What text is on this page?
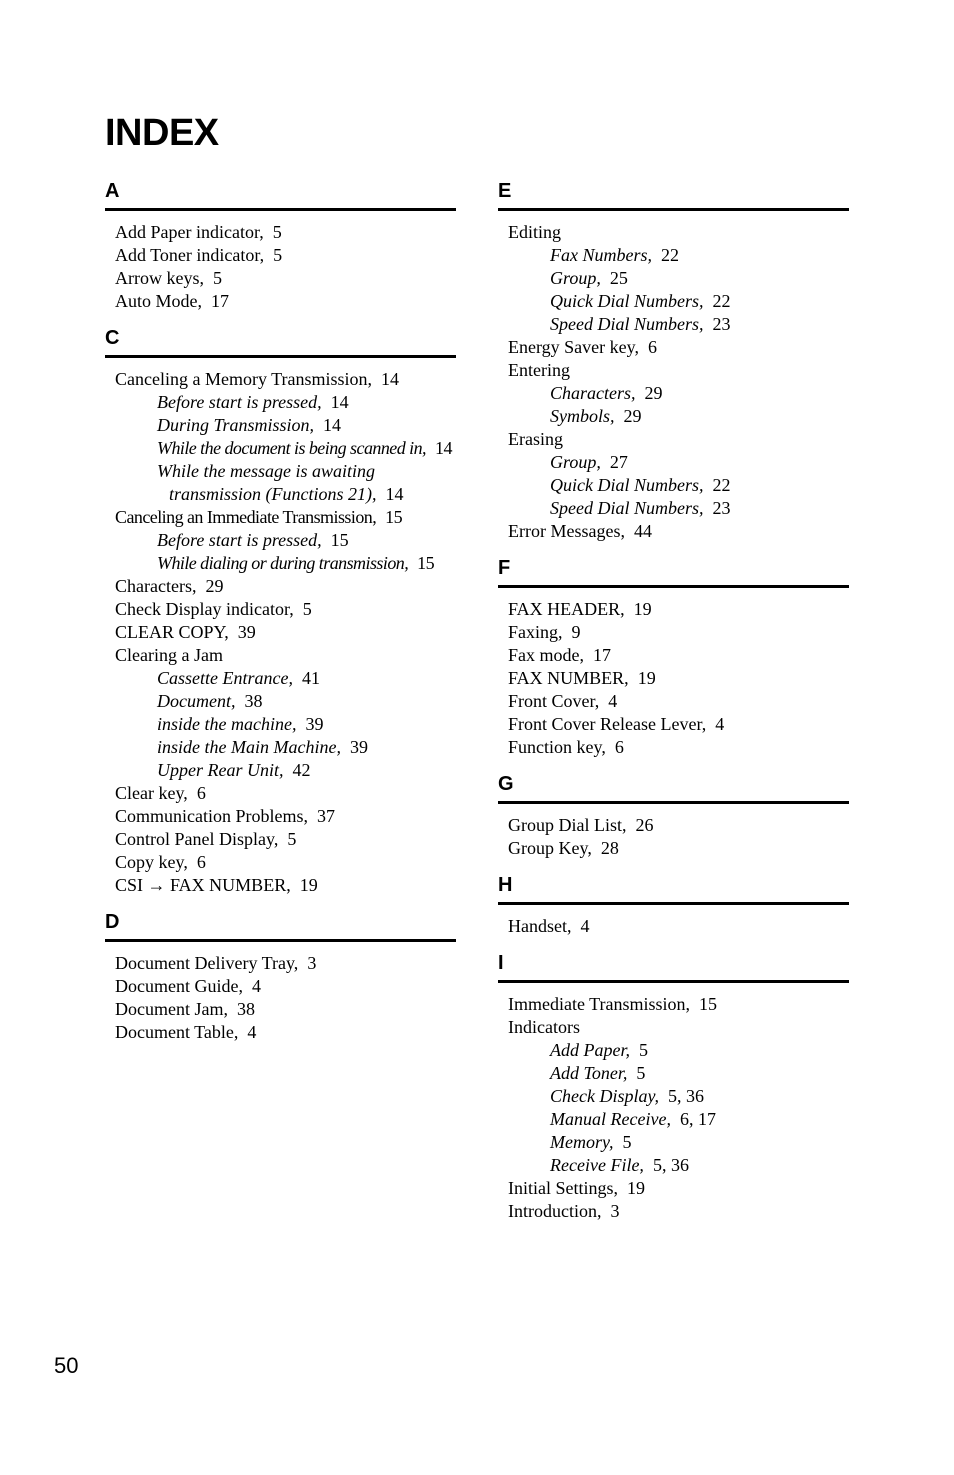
INDEX
A
Add Paper indicator, 5
Add Toner indicator, 5
Arrow keys, 5
Auto Mode, 17
C
Canceling a Memory Transmission, 14
Before start is pressed, 14
During Transmission, 14
While the document is being scanned in, 14
While the message is awaiting
transmission (Functions 21), 14
Canceling an Immediate Transmission, 15
Before start is pressed, 15
While dialing or during transmission, 15
Characters, 29
Check Display indicator, 5
CLEAR COPY, 39
Clearing a Jam
Cassette Entrance, 41
Document, 38
inside the machine, 39
inside the Main Machine, 39
Upper Rear Unit, 42
Clear key, 6
Communication Problems, 37
Control Panel Display, 5
Copy key, 6
CSI → FAX NUMBER, 19
D
Document Delivery Tray, 3
Document Guide, 4
Document Jam, 38
Document Table, 4
E
Editing
Fax Numbers, 22
Group, 25
Quick Dial Numbers, 22
Speed Dial Numbers, 23
Energy Saver key, 6
Entering
Characters, 29
Symbols, 29
Erasing
Group, 27
Quick Dial Numbers, 22
Speed Dial Numbers, 23
Error Messages, 44
F
FAX HEADER, 19
Faxing, 9
Fax mode, 17
FAX NUMBER, 19
Front Cover, 4
Front Cover Release Lever, 4
Function key, 6
G
Group Dial List, 26
Group Key, 28
H
Handset, 4
I
Immediate Transmission, 15
Indicators
Add Paper, 5
Add Toner, 5
Check Display, 5, 36
Manual Receive, 6, 17
Memory, 5
Receive File, 5, 36
Initial Settings, 19
Introduction, 3
50
